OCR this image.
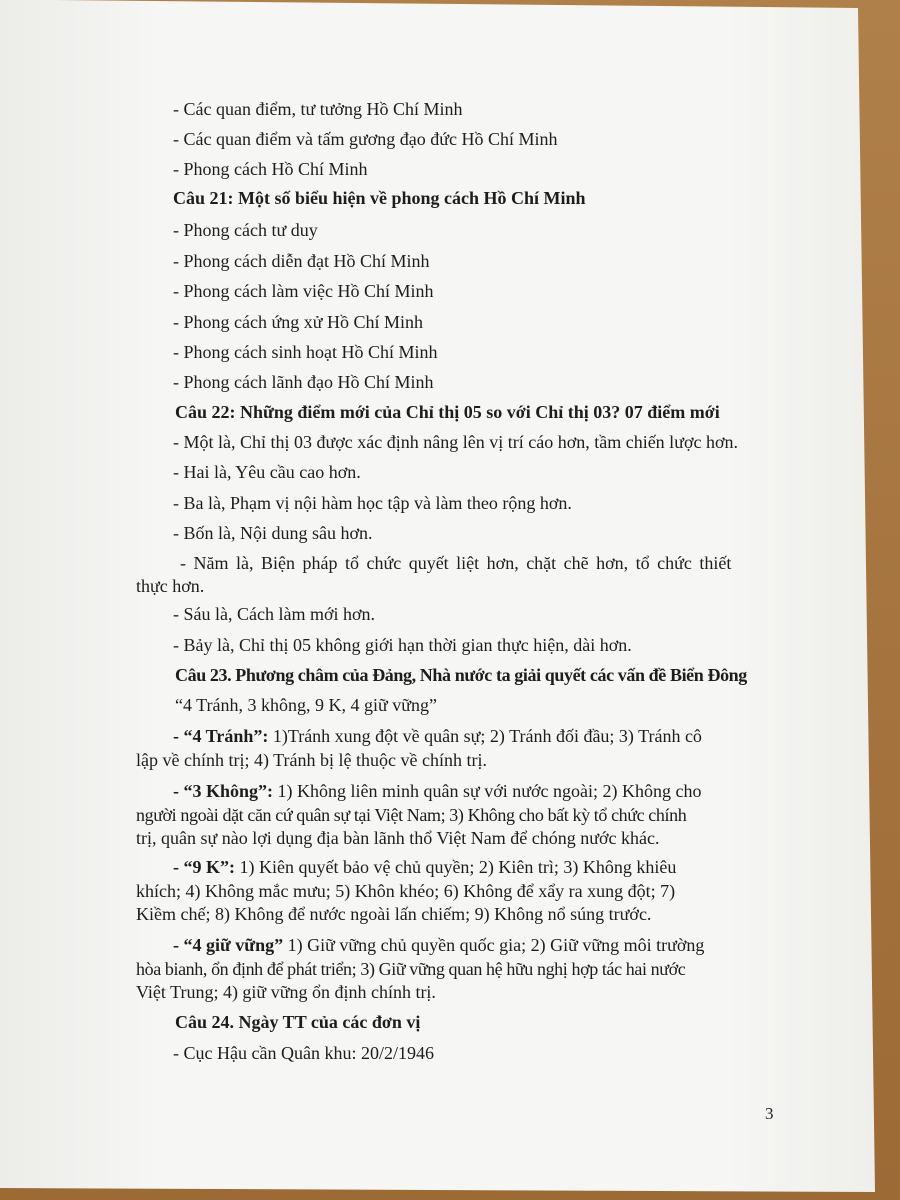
- Các quan điểm, tư tưởng Hồ Chí Minh
- Các quan điểm và tấm gương đạo đức Hồ Chí Minh
- Phong cách Hồ Chí Minh
Câu 21: Một số biểu hiện về phong cách Hồ Chí Minh
- Phong cách tư duy
- Phong cách diễn đạt Hồ Chí Minh
- Phong cách làm việc Hồ Chí Minh
- Phong cách ứng xử Hồ Chí Minh
- Phong cách sinh hoạt Hồ Chí Minh
- Phong cách lãnh đạo Hồ Chí Minh
Câu 22: Những điểm mới của Chỉ thị 05 so với Chỉ thị 03? 07 điểm mới
- Một là, Chỉ thị 03 được xác định nâng lên vị trí cáo hơn, tầm chiến lược hơn.
- Hai là, Yêu cầu cao hơn.
- Ba là, Phạm vị nội hàm học tập và làm theo rộng hơn.
- Bốn là, Nội dung sâu hơn.
- Năm là, Biện pháp tổ chức quyết liệt hơn, chặt chẽ hơn, tổ chức thiết
thực hơn.
- Sáu là, Cách làm mới hơn.
- Bảy là, Chỉ thị 05 không giới hạn thời gian thực hiện, dài hơn.
Câu 23. Phương châm của Đảng, Nhà nước ta giải quyết các vấn đề Biển Đông
“4 Tránh, 3 không, 9 K, 4 giữ vững”
- “4 Tránh”: 1)Tránh xung đột về quân sự; 2) Tránh đối đầu; 3) Tránh cô
lập về chính trị; 4) Tránh bị lệ thuộc về chính trị.
- “3 Không”: 1) Không liên minh quân sự với nước ngoài; 2) Không cho
người ngoài dặt căn cứ quân sự tại Việt Nam; 3) Không cho bất kỳ tổ chức chính
trị, quân sự nào lợi dụng địa bàn lãnh thổ Việt Nam để chóng nước khác.
- “9 K”: 1) Kiên quyết bảo vệ chủ quyền; 2) Kiên trì; 3) Không khiêu
khích; 4) Không mắc mưu; 5) Khôn khéo; 6) Không để xẩy ra xung đột; 7)
Kiềm chế; 8) Không để nước ngoài lấn chiếm; 9) Không nổ súng trước.
- “4 giữ vững” 1) Giữ vững chủ quyền quốc gia; 2) Giữ vững môi trường
hòa bianh, ổn định để phát triển; 3) Giữ vững quan hệ hữu nghị hợp tác hai nước
Việt Trung; 4) giữ vững ổn định chính trị.
Câu 24. Ngày TT của các đơn vị
- Cục Hậu cần Quân khu: 20/2/1946
3
